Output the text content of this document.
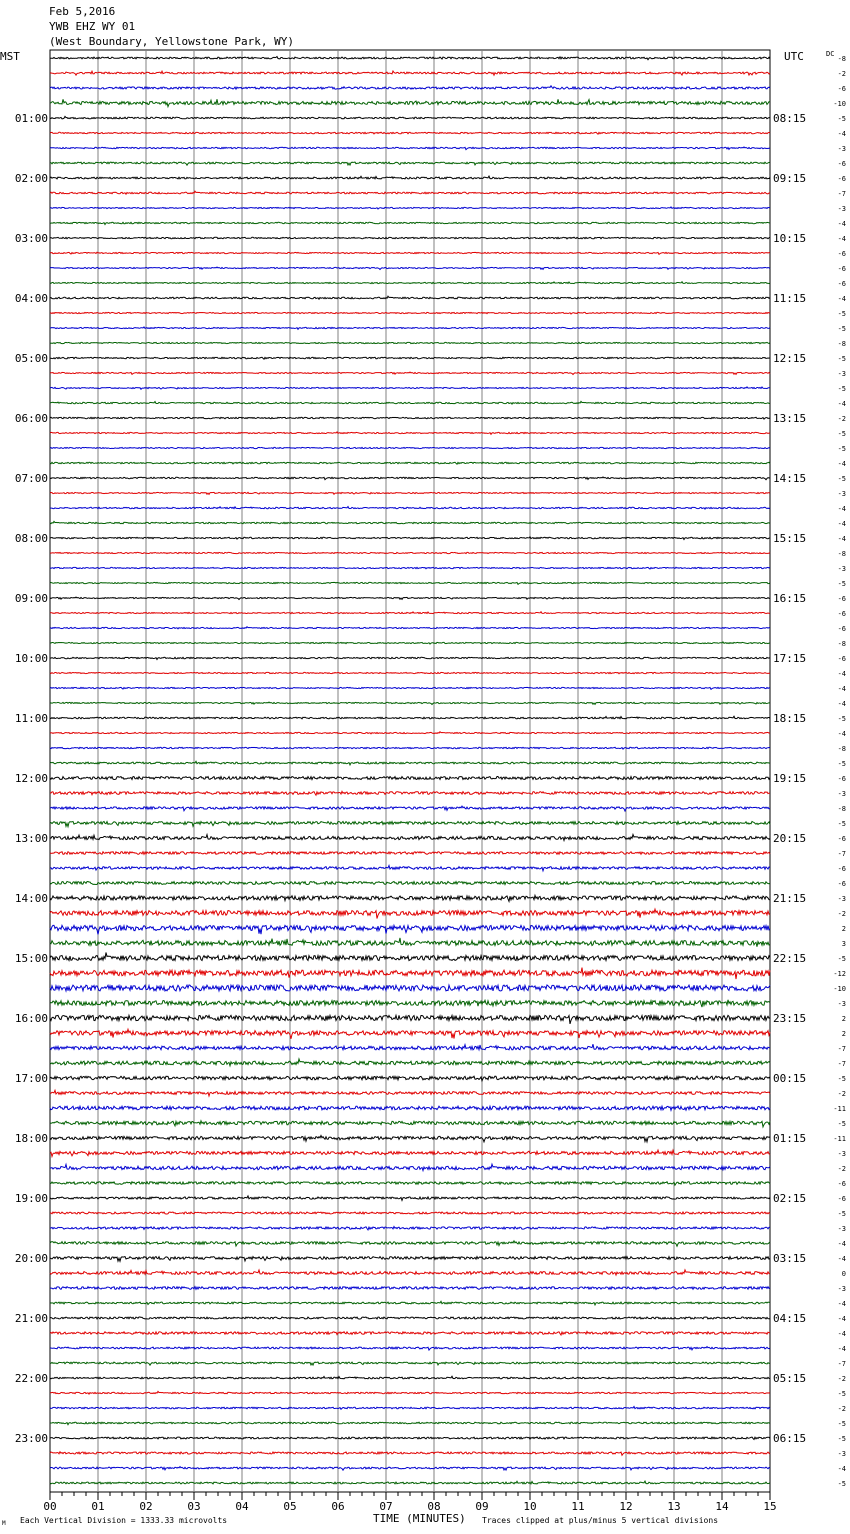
Feb 5,2016
YWB EHZ WY 01
(West Boundary, Yellowstone Park, WY)
MST	UTC	-8
-2
-6
-10
-5
-4
-3
-6
-6
-7
-3
-4
-4
-6
-6
-6
-4
-5
-5
-8
-5
-3
-5
-4
-2
-5
-5
-4
-5
-3
-4
-4
-4
-8
-3
-5
-6
-6
-6
-8
-6
-4
-4
-4
-5
-4
-8
-5
-6
-3
-8
-5
-6
-7
-6
-6
-3
-2
2
3
-5
-12
-10
-3
2
2
-7
-7
-5
-2
-11
-5
-11
-3
-2
-6
-6
-5
-3
-4
-4
0
-3
-4
-4
-4
-4
-7
-2
-5
-2
-5
-5
-3
-4
-5
DC
01:00
02:00
03:00
04:00
05:00
06:00
07:00
08:00
09:00
10:00
11:00
12:00
13:00
14:00
15:00
16:00
17:00
18:00
19:00
20:00
21:00
22:00
23:00
08:15
09:15
10:15
11:15
12:15
13:15
14:15
15:15
16:15
17:15
18:15
19:15
20:15
21:15
22:15
23:15
00:15
01:15
02:15
03:15
04:15
05:15
06:15
00	01	02	03	04	05	06	07	08	09	10	11	12	13	14	15
TIME (MINUTES)
Each Vertical Division = 1333.33 microvolts	Traces clipped at plus/minus 5 vertical divisions
M
